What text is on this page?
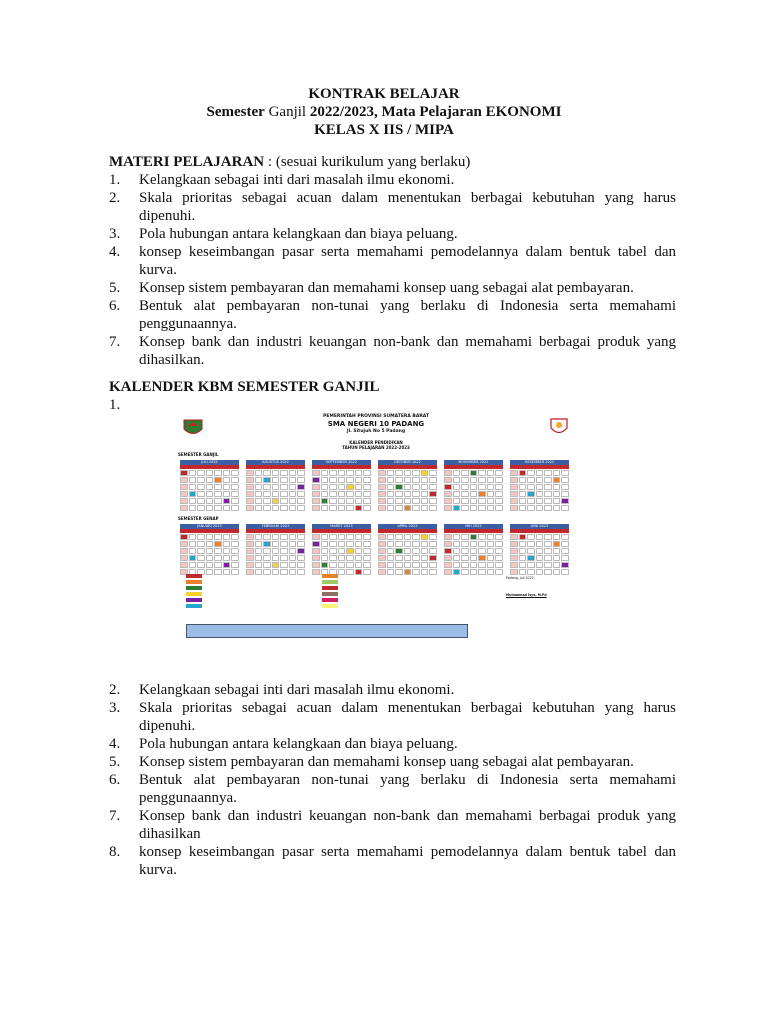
KONTRAK BELAJAR
Semester Ganjil 2022/2023, Mata Pelajaran EKONOMI
KELAS X IIS / MIPA
MATERI PELAJARAN : (sesuai kurikulum yang berlaku)
1. Kelangkaan sebagai inti dari masalah ilmu ekonomi.
2. Skala prioritas sebagai acuan dalam menentukan berbagai kebutuhan yang harus dipenuhi.
3. Pola hubungan antara kelangkaan dan biaya peluang.
4. konsep keseimbangan pasar serta memahami pemodelannya dalam bentuk tabel dan kurva.
5. Konsep sistem pembayaran dan memahami konsep uang sebagai alat pembayaran.
6. Bentuk alat pembayaran non-tunai yang berlaku di Indonesia serta memahami penggunaannya.
7. Konsep bank dan industri keuangan non-bank dan memahami berbagai produk yang dihasilkan.
KALENDER KBM SEMESTER GANJIL
1.
PEMERINTAH PROVINSI SUMATERA BARAT
SMA NEGERI 10 PADANG
Jl. Situjuh No 5 Padang
KALENDER PENDIDIKAN
TAHUN PELAJARAN 2022-2023
SEMESTER GANJIL
SEMESTER GENAP
JULI 2022	AGUSTUS 2022	SEPTEMBER 2022	OKTOBER 2022	NOVEMBER 2022	DESEMBER 2022
JANUARI 2023	FEBRUARI 2023	MARET 2023	APRIL 2023	MEI 2023	JUNI 2023
Padang, Juli 2022
Muhammad Isya, M.Pd
2. Kelangkaan sebagai inti dari masalah ilmu ekonomi.
3. Skala prioritas sebagai acuan dalam menentukan berbagai kebutuhan yang harus dipenuhi.
4. Pola hubungan antara kelangkaan dan biaya peluang.
5. Konsep sistem pembayaran dan memahami konsep uang sebagai alat pembayaran.
6. Bentuk alat pembayaran non-tunai yang berlaku di Indonesia serta memahami penggunaannya.
7. Konsep bank dan industri keuangan non-bank dan memahami berbagai produk yang dihasilkan
8. konsep keseimbangan pasar serta memahami pemodelannya dalam bentuk tabel dan kurva.
